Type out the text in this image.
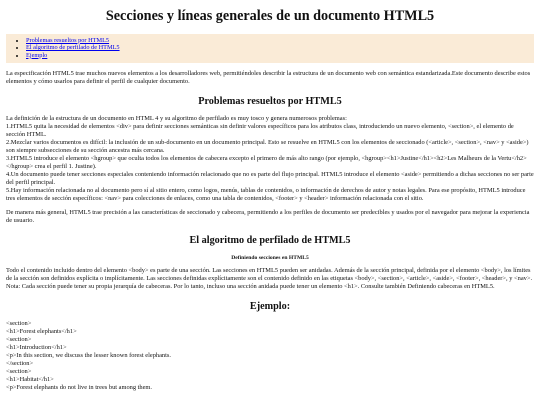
Secciones y líneas generales de un documento HTML5
• Problemas resueltos por HTML5
• El algoritmo de perfilado de HTML5
• Ejemplo

La especificación HTML5 trae muchos nuevos elementos a los desarrolladores web, permitiéndoles describir la estructura de un documento web con semántica estandarizada.Este documento describe estos elementos y cómo usarlos para definir el perfil de cualquier documento.

Problemas resueltos por HTML5

La definición de la estructura de un documento en HTML 4 y su algoritmo de perfilado es muy tosco y genera numerosos problemas:
1.HTML5 quita la necesidad de elementos <div> para definir secciones semánticas sin definir valores específicos para los atributos class, introduciendo un nuevo elemento, <section>, el elemento de sección HTML.
2.Mezclar varios documentos es difícil: la inclusión de un sub-documento en un documento principal. Esto se resuelve en HTML5 con los elementos de seccionado (<article>, <section>, <nav> y <aside>) son siempre subsecciones de su sección ancestra más cercana.
3.HTML5 introduce el elemento <hgroup> que oculta todos los elementos de cabecera excepto el primero de más alto rango (por ejemplo, <hgroup><h1>Justine</h1><h2>Les Malheurs de la Vertu</h2></hgroup> crea el perfil 1. Justine).
4.Un documento puede tener secciones especiales conteniendo información relacionado que no es parte del flujo principal. HTML5 introduce el elemento <aside> permitiendo a dichas secciones no ser parte del perfil principal.
5.Hay información relacionada no al documento pero sí al sitio entero, como logos, menús, tablas de contenidos, o información de derechos de autor y notas legales. Para ese propósito, HTML5 introduce tres elementos de sección específicos: <nav> para colecciones de enlaces, como una tabla de contenidos, <footer> y <header> información relacionada con el sitio.

De manera más general, HTML5 trae precisión a las características de seccionado y cabecera, permitiendo a los perfiles de documento ser predecibles y usados por el navegador para mejorar la experiencia de usuario.

El algoritmo de perfilado de HTML5
Definiendo secciones en HTML5

Todo el contenido incluido dentro del elemento <body> es parte de una sección. Las secciones en HTML5 pueden ser anidadas. Además de la sección principal, definida por el elemento <body>, los límites de la sección son definidos explícita o implícitamente. Las secciones definidas explícitamente son el contenido definido en las etiquetas <body>, <section>, <article>, <aside>, <footer>, <header>, y <nav>. Nota: Cada sección puede tener su propia jerarquía de cabeceras. Por lo tanto, incluso una sección anidada puede tener un elemento <h1>. Consulte también Definiendo cabeceras en HTML5.

Ejemplo:
<section>
<h1>Forest elephants</h1>
<section>
<h1>Introduction</h1>
<p>In this section, we discuss the lesser known forest elephants.
</section>
<section>
<h1>Habitat</h1>
<p>Forest elephants do not live in trees but among them.
